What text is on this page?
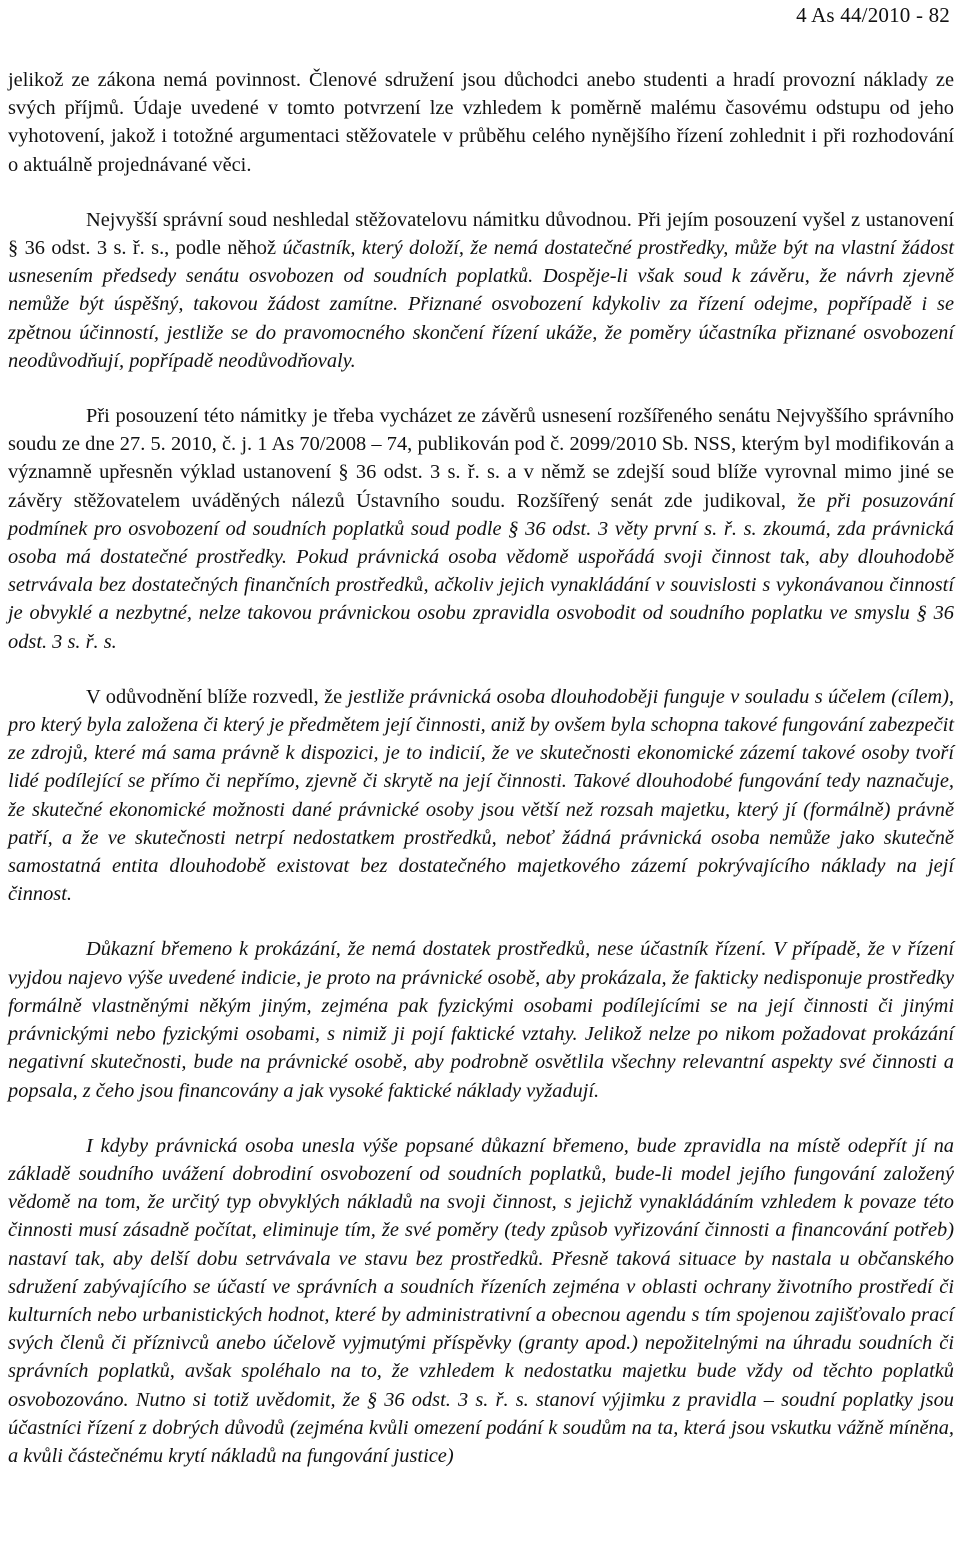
4 As 44/2010 - 82

jelikož ze zákona nemá povinnost. Členové sdružení jsou důchodci anebo studenti a hradí provozní náklady ze svých příjmů. Údaje uvedené v tomto potvrzení lze vzhledem k poměrně malému časovému odstupu od jeho vyhotovení, jakož i totožné argumentaci stěžovatele v průběhu celého nynějšího řízení zohlednit i při rozhodování o aktuálně projednávané věci.

Nejvyšší správní soud neshledal stěžovatelovu námitku důvodnou. Při jejím posouzení vyšel z ustanovení § 36 odst. 3 s. ř. s., podle něhož účastník, který doloží, že nemá dostatečné prostředky, může být na vlastní žádost usnesením předsedy senátu osvobozen od soudních poplatků. Dospěje-li však soud k závěru, že návrh zjevně nemůže být úspěšný, takovou žádost zamítne. Přiznané osvobození kdykoliv za řízení odejme, popřípadě i se zpětnou účinností, jestliže se do pravomocného skončení řízení ukáže, že poměry účastníka přiznané osvobození neodůvodňují, popřípadě neodůvodňovaly.

Při posouzení této námitky je třeba vycházet ze závěrů usnesení rozšířeného senátu Nejvyššího správního soudu ze dne 27. 5. 2010, č. j. 1 As 70/2008 – 74, publikován pod č. 2099/2010 Sb. NSS, kterým byl modifikován a významně upřesněn výklad ustanovení § 36 odst. 3 s. ř. s. a v němž se zdejší soud blíže vyrovnal mimo jiné se závěry stěžovatelem uváděných nálezů Ústavního soudu. Rozšířený senát zde judikoval, že při posuzování podmínek pro osvobození od soudních poplatků soud podle § 36 odst. 3 věty první s. ř. s. zkoumá, zda právnická osoba má dostatečné prostředky. Pokud právnická osoba vědomě uspořádá svoji činnost tak, aby dlouhodobě setrvávala bez dostatečných finančních prostředků, ačkoliv jejich vynakládání v souvislosti s vykonávanou činností je obvyklé a nezbytné, nelze takovou právnickou osobu zpravidla osvobodit od soudního poplatku ve smyslu § 36 odst. 3 s. ř. s.

V odůvodnění blíže rozvedl, že jestliže právnická osoba dlouhodoběji funguje v souladu s účelem (cílem), pro který byla založena či který je předmětem její činnosti, aniž by ovšem byla schopna takové fungování zabezpečit ze zdrojů, které má sama právně k dispozici, je to indicií, že ve skutečnosti ekonomické zázemí takové osoby tvoří lidé podílející se přímo či nepřímo, zjevně či skrytě na její činnosti. Takové dlouhodobé fungování tedy naznačuje, že skutečné ekonomické možnosti dané právnické osoby jsou větší než rozsah majetku, který jí (formálně) právně patří, a že ve skutečnosti netrpí nedostatkem prostředků, neboť žádná právnická osoba nemůže jako skutečně samostatná entita dlouhodobě existovat bez dostatečného majetkového zázemí pokrývajícího náklady na její činnost.

Důkazní břemeno k prokázání, že nemá dostatek prostředků, nese účastník řízení. V případě, že v řízení vyjdou najevo výše uvedené indicie, je proto na právnické osobě, aby prokázala, že fakticky nedisponuje prostředky formálně vlastněnými někým jiným, zejména pak fyzickými osobami podílejícími se na její činnosti či jinými právnickými nebo fyzickými osobami, s nimiž ji pojí faktické vztahy. Jelikož nelze po nikom požadovat prokázání negativní skutečnosti, bude na právnické osobě, aby podrobně osvětlila všechny relevantní aspekty své činnosti a popsala, z čeho jsou financovány a jak vysoké faktické náklady vyžadují.

I kdyby právnická osoba unesla výše popsané důkazní břemeno, bude zpravidla na místě odepřít jí na základě soudního uvážení dobrodiní osvobození od soudních poplatků, bude-li model jejího fungování založený vědomě na tom, že určitý typ obvyklých nákladů na svoji činnost, s jejichž vynakládáním vzhledem k povaze této činnosti musí zásadně počítat, eliminuje tím, že své poměry (tedy způsob vyřizování činnosti a financování potřeb) nastaví tak, aby delší dobu setrvávala ve stavu bez prostředků. Přesně taková situace by nastala u občanského sdružení zabývajícího se účastí ve správních a soudních řízeních zejména v oblasti ochrany životního prostředí či kulturních nebo urbanistických hodnot, které by administrativní a obecnou agendu s tím spojenou zajišťovalo prací svých členů či příznivců anebo účelově vyjmutými příspěvky (granty apod.) nepožitelnými na úhradu soudních či správních poplatků, avšak spoléhalo na to, že vzhledem k nedostatku majetku bude vždy od těchto poplatků osvobozováno. Nutno si totiž uvědomit, že § 36 odst. 3 s. ř. s. stanoví výjimku z pravidla – soudní poplatky jsou účastníci řízení z dobrých důvodů (zejména kvůli omezení podání k soudům na ta, která jsou vskutku vážně míněna, a kvůli částečnému krytí nákladů na fungování justice)
